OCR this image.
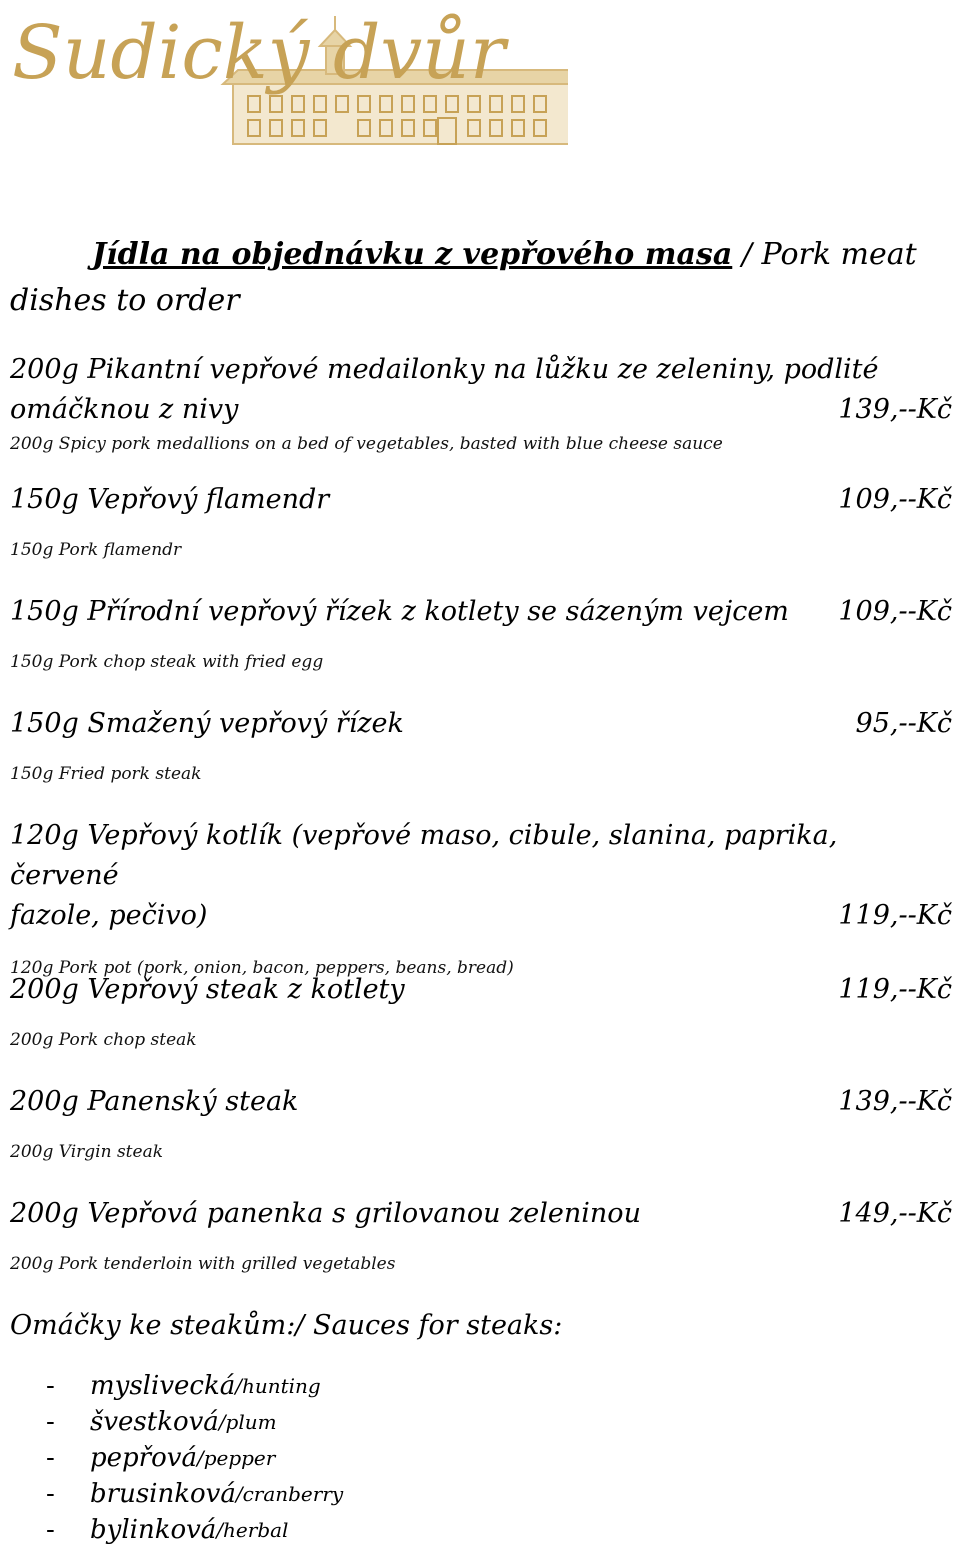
Sudický dvůr
Jídla na objednávku z vepřového masa / Pork meat dishes to order
200g Pikantní vepřové medailonky na lůžku ze zeleniny, podlité
omáčknou z nivy	139,--Kč
200g Spicy pork medallions on a bed of vegetables, basted with blue cheese sauce
150g Vepřový flamendr	109,--Kč
150g Pork flamendr
150g Přírodní vepřový řízek z kotlety se sázeným vejcem 109,--Kč
150g Pork chop steak with fried egg
150g Smažený vepřový řízek	95,--Kč
150g Fried pork steak
120g Vepřový kotlík (vepřové maso, cibule, slanina, paprika, červené
fazole, pečivo)	119,--Kč
120g Pork pot (pork, onion, bacon, peppers, beans, bread)
200g Vepřový steak z kotlety	119,--Kč
200g Pork chop steak
200g Panenský steak	139,--Kč
200g Virgin steak
200g Vepřová panenka s grilovanou zeleninou	149,--Kč
200g Pork tenderloin with grilled vegetables
Omáčky ke steakům:/ Sauces for steaks:
-	myslivecká /hunting
-	švestková /plum
-	pepřová /pepper
-	brusinková /cranberry
-	bylinková /herbal
